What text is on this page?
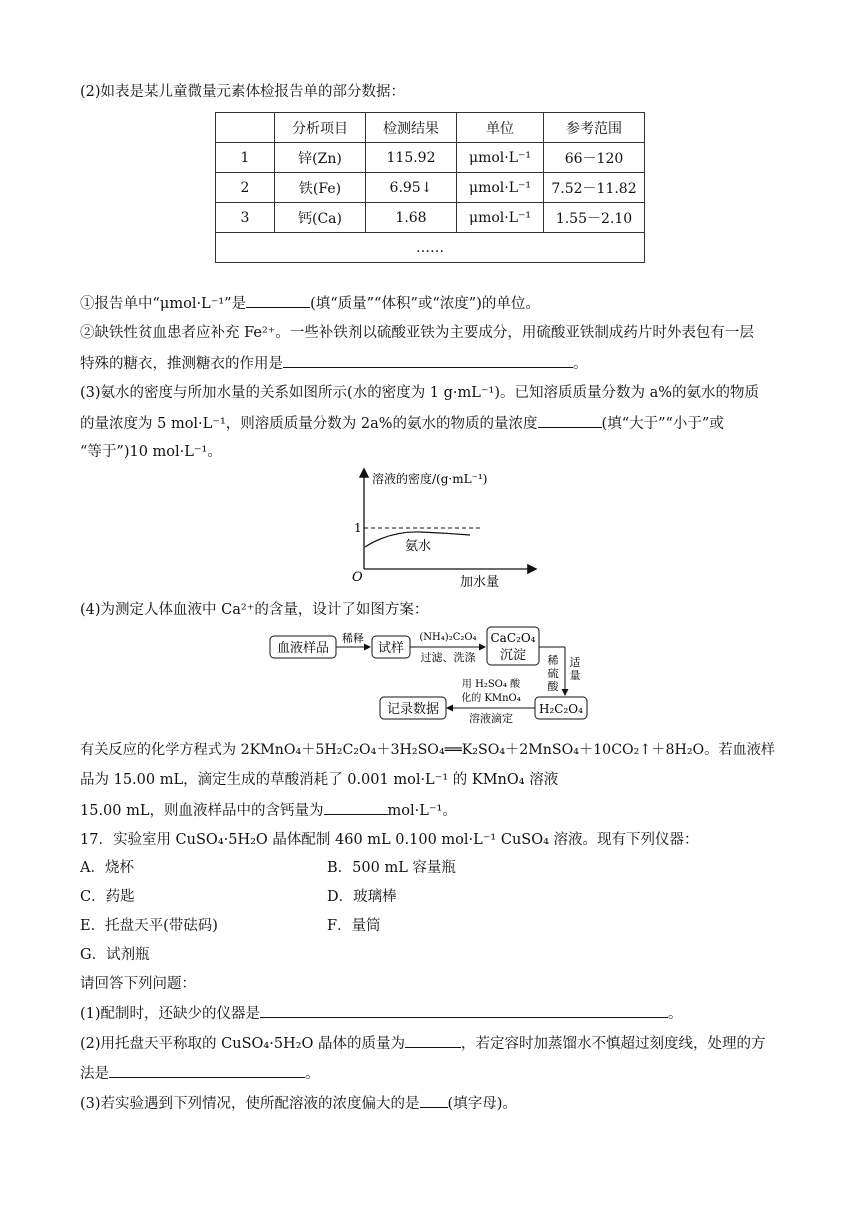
(2)如表是某儿童微量元素体检报告单的部分数据：
	分析项目	检测结果	单位	参考范围
1	锌(Zn)	115.92	μmol·L⁻¹	66－120
2	铁(Fe)	6.95↓	μmol·L⁻¹	7.52－11.82
3	钙(Ca)	1.68	μmol·L⁻¹	1.55－2.10
……				
①报告单中“μmol·L⁻¹”是	(填“质量”“体积”或“浓度”)的单位。
②缺铁性贫血患者应补充 Fe²⁺。一些补铁剂以硫酸亚铁为主要成分，用硫酸亚铁制成药片时外表包有一层
特殊的糖衣，推测糖衣的作用是	。
(3)氨水的密度与所加水量的关系如图所示(水的密度为 1 g·mL⁻¹)。已知溶质质量分数为 a%的氨水的物质
的量浓度为 5 mol·L⁻¹，则溶质质量分数为 2a%的氨水的物质的量浓度	(填“大于”“小于”或
“等于”)10 mol·L⁻¹。
溶液的密度/(g·mL⁻¹)
1
氨水
O	加水量
(4)为测定人体血液中 Ca²⁺的含量，设计了如图方案：
血液样品
稀释
试样
(NH₄)₂C₂O₄
过滤、洗涤
CaC₂O₄
沉淀 稀
硫
酸
适
量
H₂C₂O₄
用 H₂SO₄ 酸
化的 KMnO₄
溶液滴定
记录数据
有关反应的化学方程式为 2KMnO₄＋5H₂C₂O₄＋3H₂SO₄══K₂SO₄＋2MnSO₄＋10CO₂↑＋8H₂O。若血液样
品为 15.00 mL，滴定生成的草酸消耗了 0.001 mol·L⁻¹ 的 KMnO₄ 溶液
15.00 mL，则血液样品中的含钙量为	mol·L⁻¹。
17．实验室用 CuSO₄·5H₂O 晶体配制 460 mL 0.100 mol·L⁻¹ CuSO₄ 溶液。现有下列仪器：
A．烧杯	B．500 mL 容量瓶
C．药匙	D．玻璃棒
E．托盘天平(带砝码)	F．量筒
G．试剂瓶
请回答下列问题：
(1)配制时，还缺少的仪器是	。
(2)用托盘天平称取的 CuSO₄·5H₂O 晶体的质量为	，若定容时加蒸馏水不慎超过刻度线，处理的方
法是	。
(3)若实验遇到下列情况，使所配溶液的浓度偏大的是 (填字母)。
